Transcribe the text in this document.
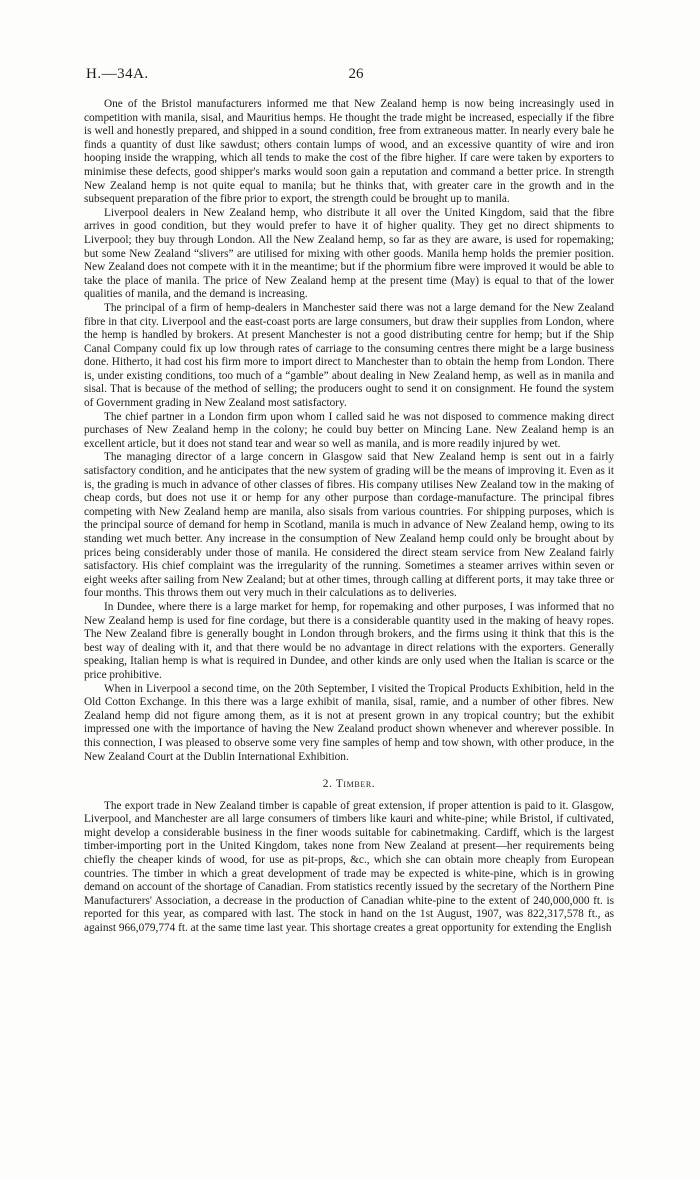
H.—34A.	26

One of the Bristol manufacturers informed me that New Zealand hemp is now being increasingly used in competition with manila, sisal, and Mauritius hemps. He thought the trade might be increased, especially if the fibre is well and honestly prepared, and shipped in a sound condition, free from extraneous matter. In nearly every bale he finds a quantity of dust like sawdust; others contain lumps of wood, and an excessive quantity of wire and iron hooping inside the wrapping, which all tends to make the cost of the fibre higher. If care were taken by exporters to minimise these defects, good shipper's marks would soon gain a reputation and command a better price. In strength New Zealand hemp is not quite equal to manila; but he thinks that, with greater care in the growth and in the subsequent preparation of the fibre prior to export, the strength could be brought up to manila.

Liverpool dealers in New Zealand hemp, who distribute it all over the United Kingdom, said that the fibre arrives in good condition, but they would prefer to have it of higher quality. They get no direct shipments to Liverpool; they buy through London. All the New Zealand hemp, so far as they are aware, is used for ropemaking; but some New Zealand “slivers” are utilised for mixing with other goods. Manila hemp holds the premier position. New Zealand does not compete with it in the meantime; but if the phormium fibre were improved it would be able to take the place of manila. The price of New Zealand hemp at the present time (May) is equal to that of the lower qualities of manila, and the demand is increasing.

The principal of a firm of hemp-dealers in Manchester said there was not a large demand for the New Zealand fibre in that city. Liverpool and the east-coast ports are large consumers, but draw their supplies from London, where the hemp is handled by brokers. At present Manchester is not a good distributing centre for hemp; but if the Ship Canal Company could fix up low through rates of carriage to the consuming centres there might be a large business done. Hitherto, it had cost his firm more to import direct to Manchester than to obtain the hemp from London. There is, under existing conditions, too much of a “gamble” about dealing in New Zealand hemp, as well as in manila and sisal. That is because of the method of selling; the producers ought to send it on consignment. He found the system of Government grading in New Zealand most satisfactory.

The chief partner in a London firm upon whom I called said he was not disposed to commence making direct purchases of New Zealand hemp in the colony; he could buy better on Mincing Lane. New Zealand hemp is an excellent article, but it does not stand tear and wear so well as manila, and is more readily injured by wet.

The managing director of a large concern in Glasgow said that New Zealand hemp is sent out in a fairly satisfactory condition, and he anticipates that the new system of grading will be the means of improving it. Even as it is, the grading is much in advance of other classes of fibres. His company utilises New Zealand tow in the making of cheap cords, but does not use it or hemp for any other purpose than cordage-manufacture. The principal fibres competing with New Zealand hemp are manila, also sisals from various countries. For shipping purposes, which is the principal source of demand for hemp in Scotland, manila is much in advance of New Zealand hemp, owing to its standing wet much better. Any increase in the consumption of New Zealand hemp could only be brought about by prices being considerably under those of manila. He considered the direct steam service from New Zealand fairly satisfactory. His chief complaint was the irregularity of the running. Sometimes a steamer arrives within seven or eight weeks after sailing from New Zealand; but at other times, through calling at different ports, it may take three or four months. This throws them out very much in their calculations as to deliveries.

In Dundee, where there is a large market for hemp, for ropemaking and other purposes, I was informed that no New Zealand hemp is used for fine cordage, but there is a considerable quantity used in the making of heavy ropes. The New Zealand fibre is generally bought in London through brokers, and the firms using it think that this is the best way of dealing with it, and that there would be no advantage in direct relations with the exporters. Generally speaking, Italian hemp is what is required in Dundee, and other kinds are only used when the Italian is scarce or the price prohibitive.

When in Liverpool a second time, on the 20th September, I visited the Tropical Products Exhibition, held in the Old Cotton Exchange. In this there was a large exhibit of manila, sisal, ramie, and a number of other fibres. New Zealand hemp did not figure among them, as it is not at present grown in any tropical country; but the exhibit impressed one with the importance of having the New Zealand product shown whenever and wherever possible. In this connection, I was pleased to observe some very fine samples of hemp and tow shown, with other produce, in the New Zealand Court at the Dublin International Exhibition.

2. Timber.

The export trade in New Zealand timber is capable of great extension, if proper attention is paid to it. Glasgow, Liverpool, and Manchester are all large consumers of timbers like kauri and white-pine; while Bristol, if cultivated, might develop a considerable business in the finer woods suitable for cabinetmaking. Cardiff, which is the largest timber-importing port in the United Kingdom, takes none from New Zealand at present—her requirements being chiefly the cheaper kinds of wood, for use as pit-props, &c., which she can obtain more cheaply from European countries. The timber in which a great development of trade may be expected is white-pine, which is in growing demand on account of the shortage of Canadian. From statistics recently issued by the secretary of the Northern Pine Manufacturers' Association, a decrease in the production of Canadian white-pine to the extent of 240,000,000 ft. is reported for this year, as compared with last. The stock in hand on the 1st August, 1907, was 822,317,578 ft., as against 966,079,774 ft. at the same time last year. This shortage creates a great opportunity for extending the English
